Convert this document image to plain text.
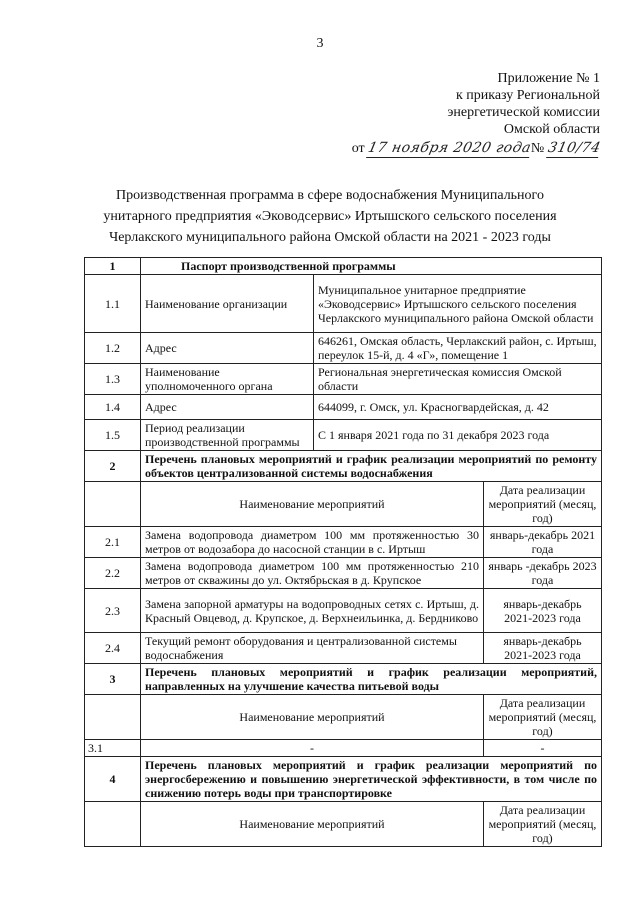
3
Приложение № 1
к приказу Региональной
энергетической комиссии
Омской области
от 17 ноября 2020 года№ 310/74
Производственная программа в сфере водоснабжения Муниципального унитарного предприятия «Эководсервис» Иртышского сельского поселения Черлакского муниципального района Омской области на 2021 - 2023 годы
1	Паспорт производственной программы		
1.1	Наименование организации	Муниципальное унитарное предприятие «Эководсервис» Иртышского сельского поселения Черлакского муниципального района Омской области	
1.2	Адрес	646261, Омская область, Черлакский район, с. Иртыш, переулок 15-й, д. 4 «Г», помещение 1	
1.3	Наименование уполномоченного органа	Региональная энергетическая комиссия Омской области	
1.4	Адрес	644099, г. Омск, ул. Красногвардейская, д. 42	
1.5	Период реализации производственной программы	С 1 января 2021 года по 31 декабря 2023 года	
2	Перечень плановых мероприятий и график реализации мероприятий по ремонту объектов централизованной системы водоснабжения		
	Наименование мероприятий		Дата реализации мероприятий (месяц, год)
2.1	Замена водопровода диаметром 100 мм протяженностью 30 метров от водозабора до насосной станции в с. Иртыш		январь-декабрь 2021 года
2.2	Замена водопровода диаметром 100 мм протяженностью 210 метров от скважины до ул. Октябрьская в д. Крупское		январь -декабрь 2023 года
2.3	Замена запорной арматуры на водопроводных сетях с. Иртыш, д. Красный Овцевод, д. Крупское, д. Верхнеильинка, д. Бердниково		январь-декабрь 2021-2023 года
2.4	Текущий ремонт оборудования и централизованной системы водоснабжения		январь-декабрь 2021-2023 года
3	Перечень плановых мероприятий и график реализации мероприятий, направленных на улучшение качества питьевой воды		
	Наименование мероприятий		Дата реализации мероприятий (месяц, год)
3.1	-		-
4	Перечень плановых мероприятий и график реализации мероприятий по энергосбережению и повышению энергетической эффективности, в том числе по снижению потерь воды при транспортировке		
	Наименование мероприятий		Дата реализации мероприятий (месяц, год)
